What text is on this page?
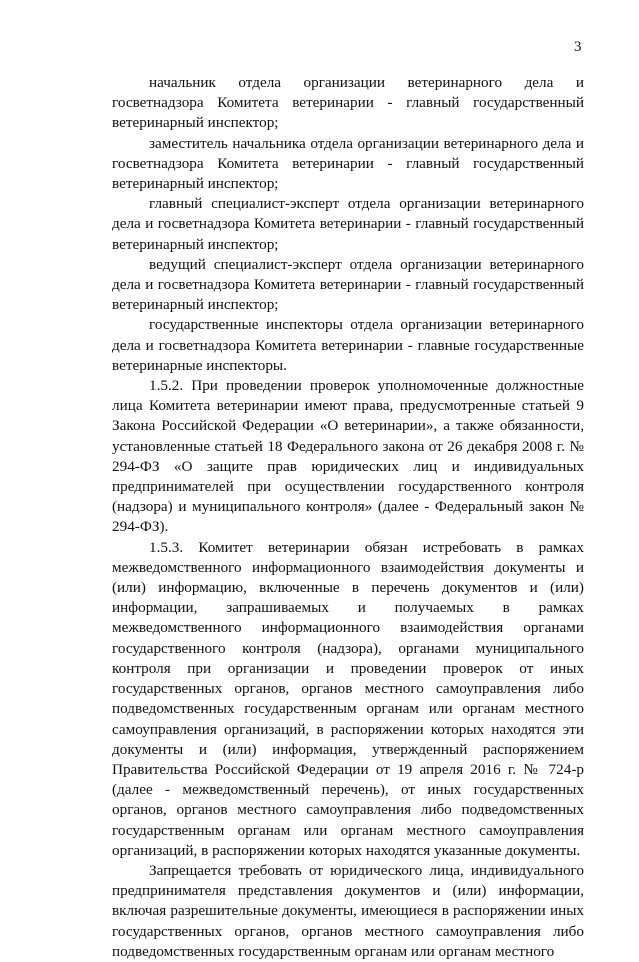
3

начальник отдела организации ветеринарного дела и госветнадзора Комитета ветеринарии - главный государственный ветеринарный инспектор;

заместитель начальника отдела организации ветеринарного дела и госветнадзора Комитета ветеринарии - главный государственный ветеринарный инспектор;

главный специалист-эксперт отдела организации ветеринарного дела и госветнадзора Комитета ветеринарии - главный государственный ветеринарный инспектор;

ведущий специалист-эксперт отдела организации ветеринарного дела и госветнадзора Комитета ветеринарии - главный государственный ветеринарный инспектор;

государственные инспекторы отдела организации ветеринарного дела и госветнадзора Комитета ветеринарии - главные государственные ветеринарные инспекторы.

1.5.2. При проведении проверок уполномоченные должностные лица Комитета ветеринарии имеют права, предусмотренные статьей 9 Закона Российской Федерации «О ветеринарии», а также обязанности, установленные статьей 18 Федерального закона от 26 декабря 2008 г. № 294-ФЗ «О защите прав юридических лиц и индивидуальных предпринимателей при осуществлении государственного контроля (надзора) и муниципального контроля» (далее - Федеральный закон № 294-ФЗ).

1.5.3. Комитет ветеринарии обязан истребовать в рамках межведомственного информационного взаимодействия документы и (или) информацию, включенные в перечень документов и (или) информации, запрашиваемых и получаемых в рамках межведомственного информационного взаимодействия органами государственного контроля (надзора), органами муниципального контроля при организации и проведении проверок от иных государственных органов, органов местного самоуправления либо подведомственных государственным органам или органам местного самоуправления организаций, в распоряжении которых находятся эти документы и (или) информация, утвержденный распоряжением Правительства Российской Федерации от 19 апреля 2016 г. № 724-р (далее - межведомственный перечень), от иных государственных органов, органов местного самоуправления либо подведомственных государственным органам или органам местного самоуправления организаций, в распоряжении которых находятся указанные документы.

Запрещается требовать от юридического лица, индивидуального предпринимателя представления документов и (или) информации, включая разрешительные документы, имеющиеся в распоряжении иных государственных органов, органов местного самоуправления либо подведомственных государственным органам или органам местного
